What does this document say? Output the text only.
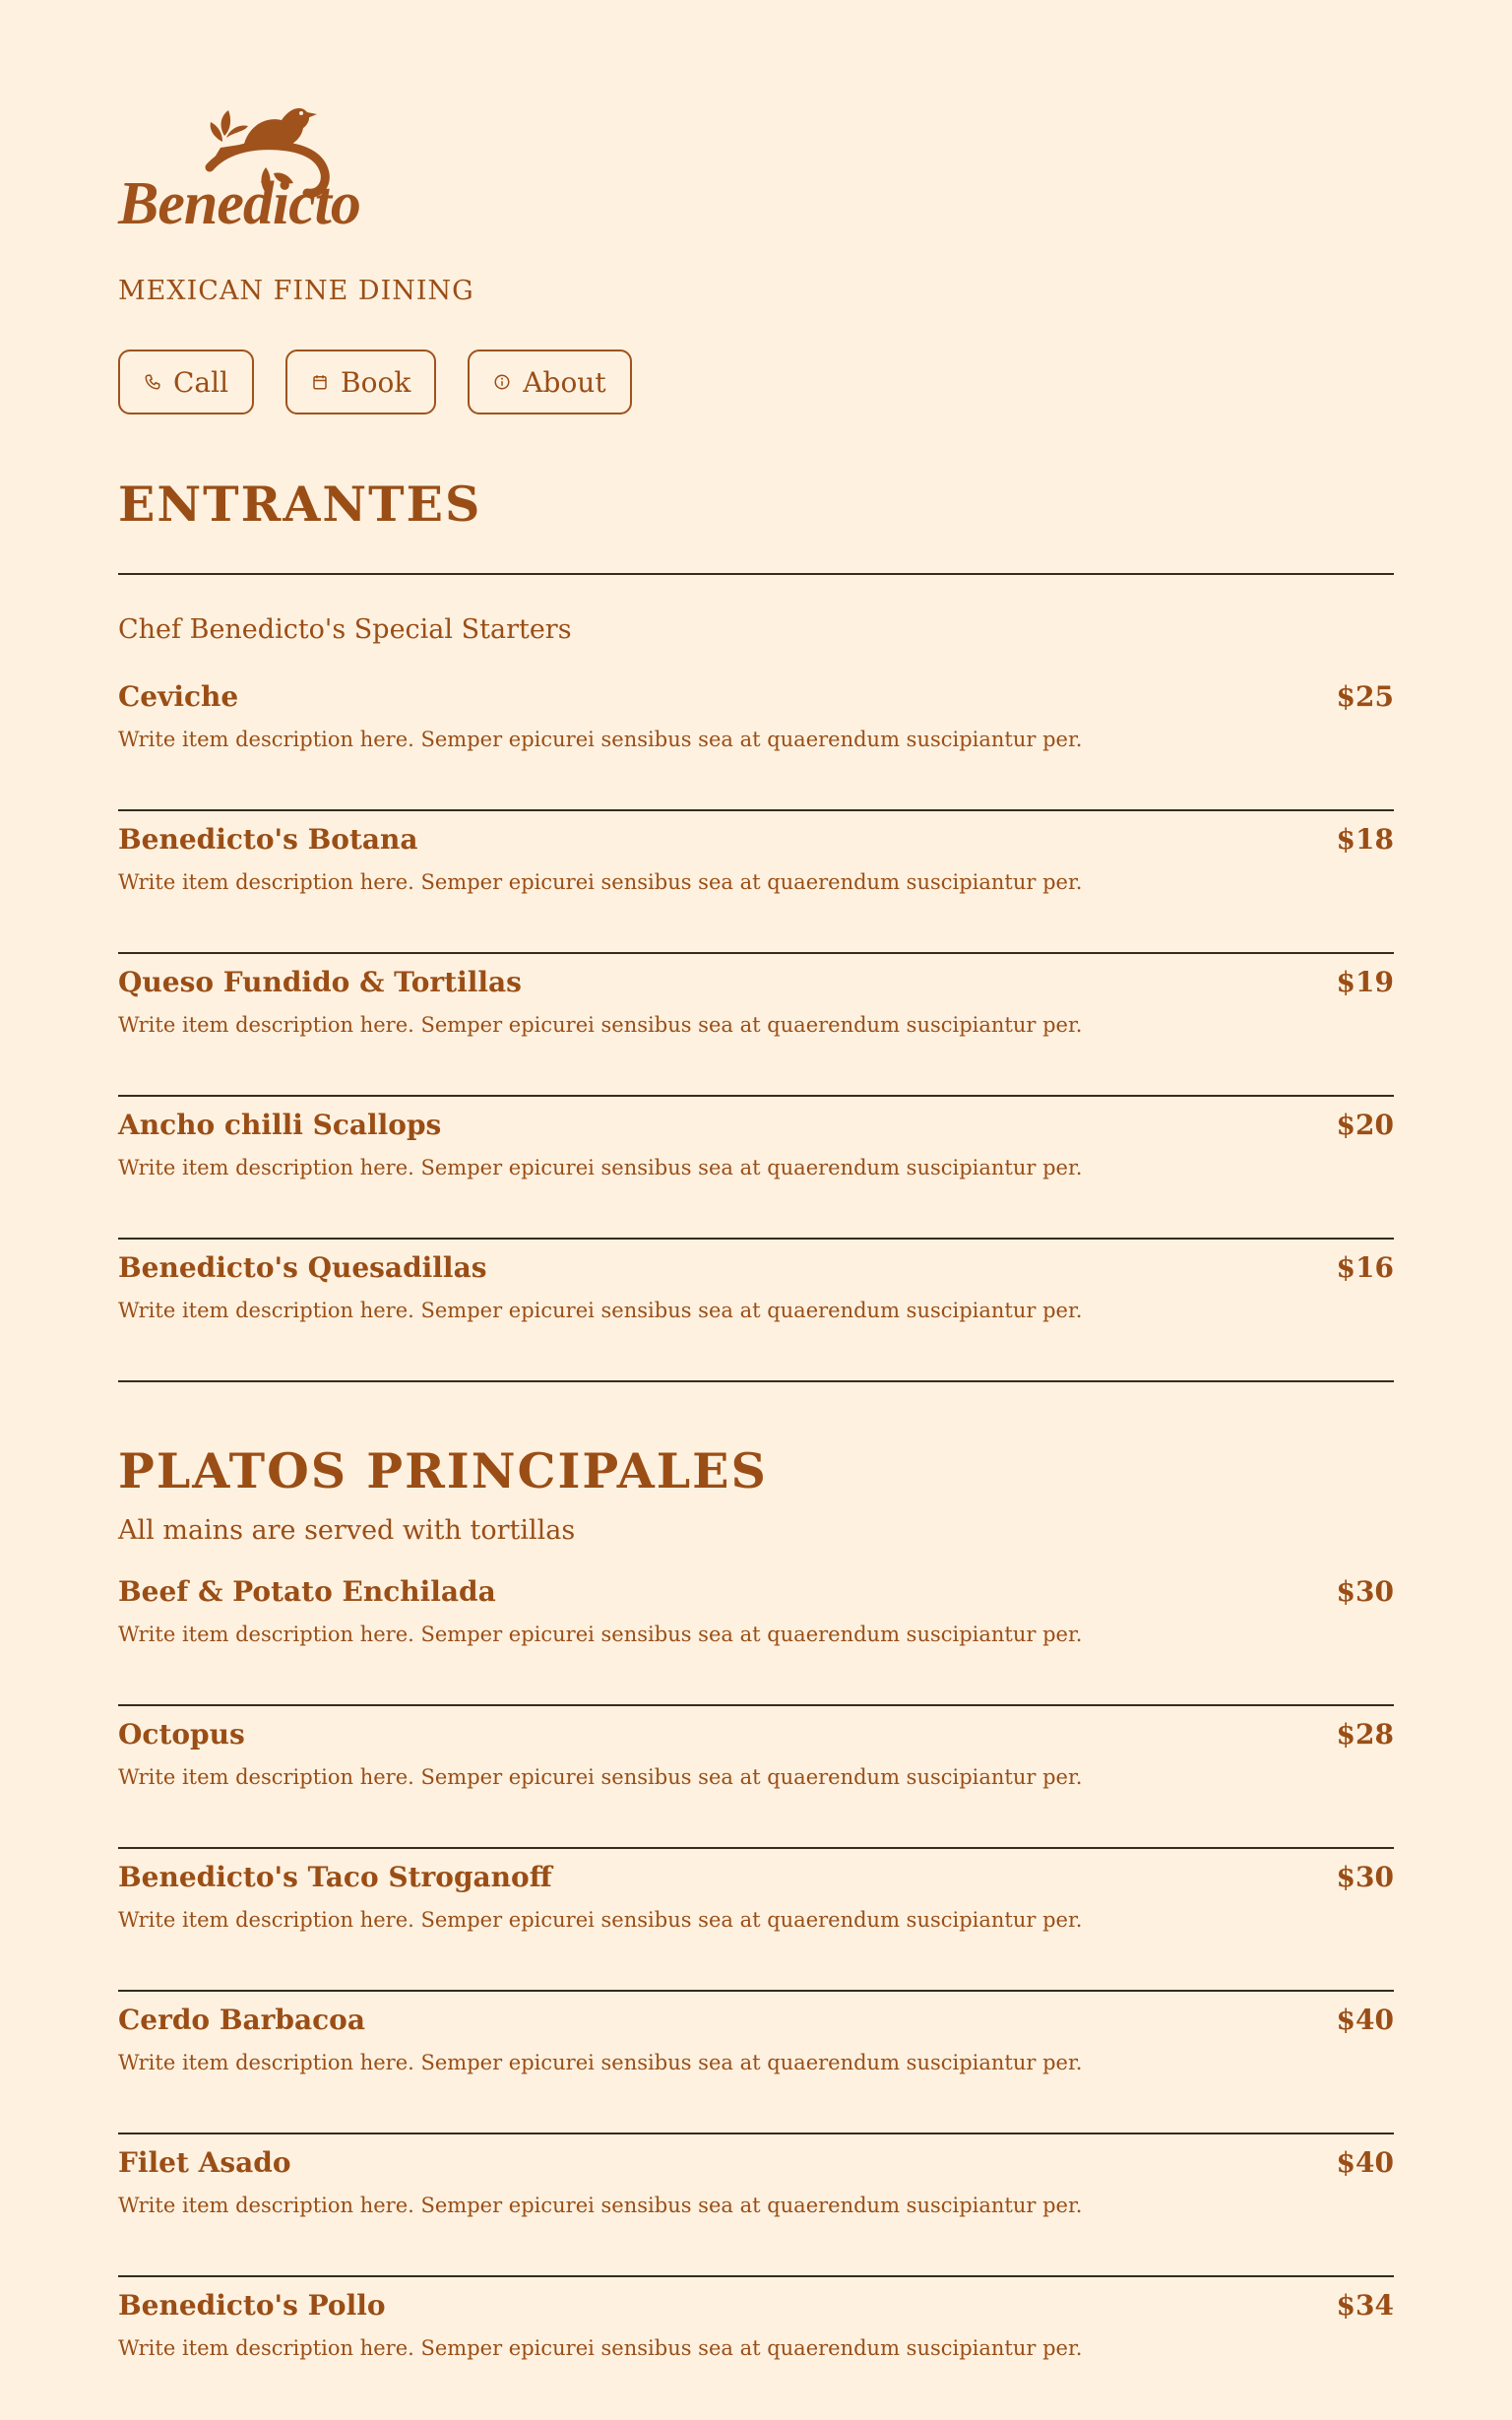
Benedicto
MEXICAN FINE DINING
Call	Book	About
ENTRANTES
Chef Benedicto's Special Starters
Ceviche	$25
Write item description here. Semper epicurei sensibus sea at quaerendum suscipiantur per.
Benedicto's Botana	$18
Write item description here. Semper epicurei sensibus sea at quaerendum suscipiantur per.
Queso Fundido & Tortillas	$19
Write item description here. Semper epicurei sensibus sea at quaerendum suscipiantur per.
Ancho chilli Scallops	$20
Write item description here. Semper epicurei sensibus sea at quaerendum suscipiantur per.
Benedicto's Quesadillas	$16
Write item description here. Semper epicurei sensibus sea at quaerendum suscipiantur per.
PLATOS PRINCIPALES
All mains are served with tortillas
Beef & Potato Enchilada	$30
Write item description here. Semper epicurei sensibus sea at quaerendum suscipiantur per.
Octopus	$28
Write item description here. Semper epicurei sensibus sea at quaerendum suscipiantur per.
Benedicto's Taco Stroganoff	$30
Write item description here. Semper epicurei sensibus sea at quaerendum suscipiantur per.
Cerdo Barbacoa	$40
Write item description here. Semper epicurei sensibus sea at quaerendum suscipiantur per.
Filet Asado	$40
Write item description here. Semper epicurei sensibus sea at quaerendum suscipiantur per.
Benedicto's Pollo	$34
Write item description here. Semper epicurei sensibus sea at quaerendum suscipiantur per.
